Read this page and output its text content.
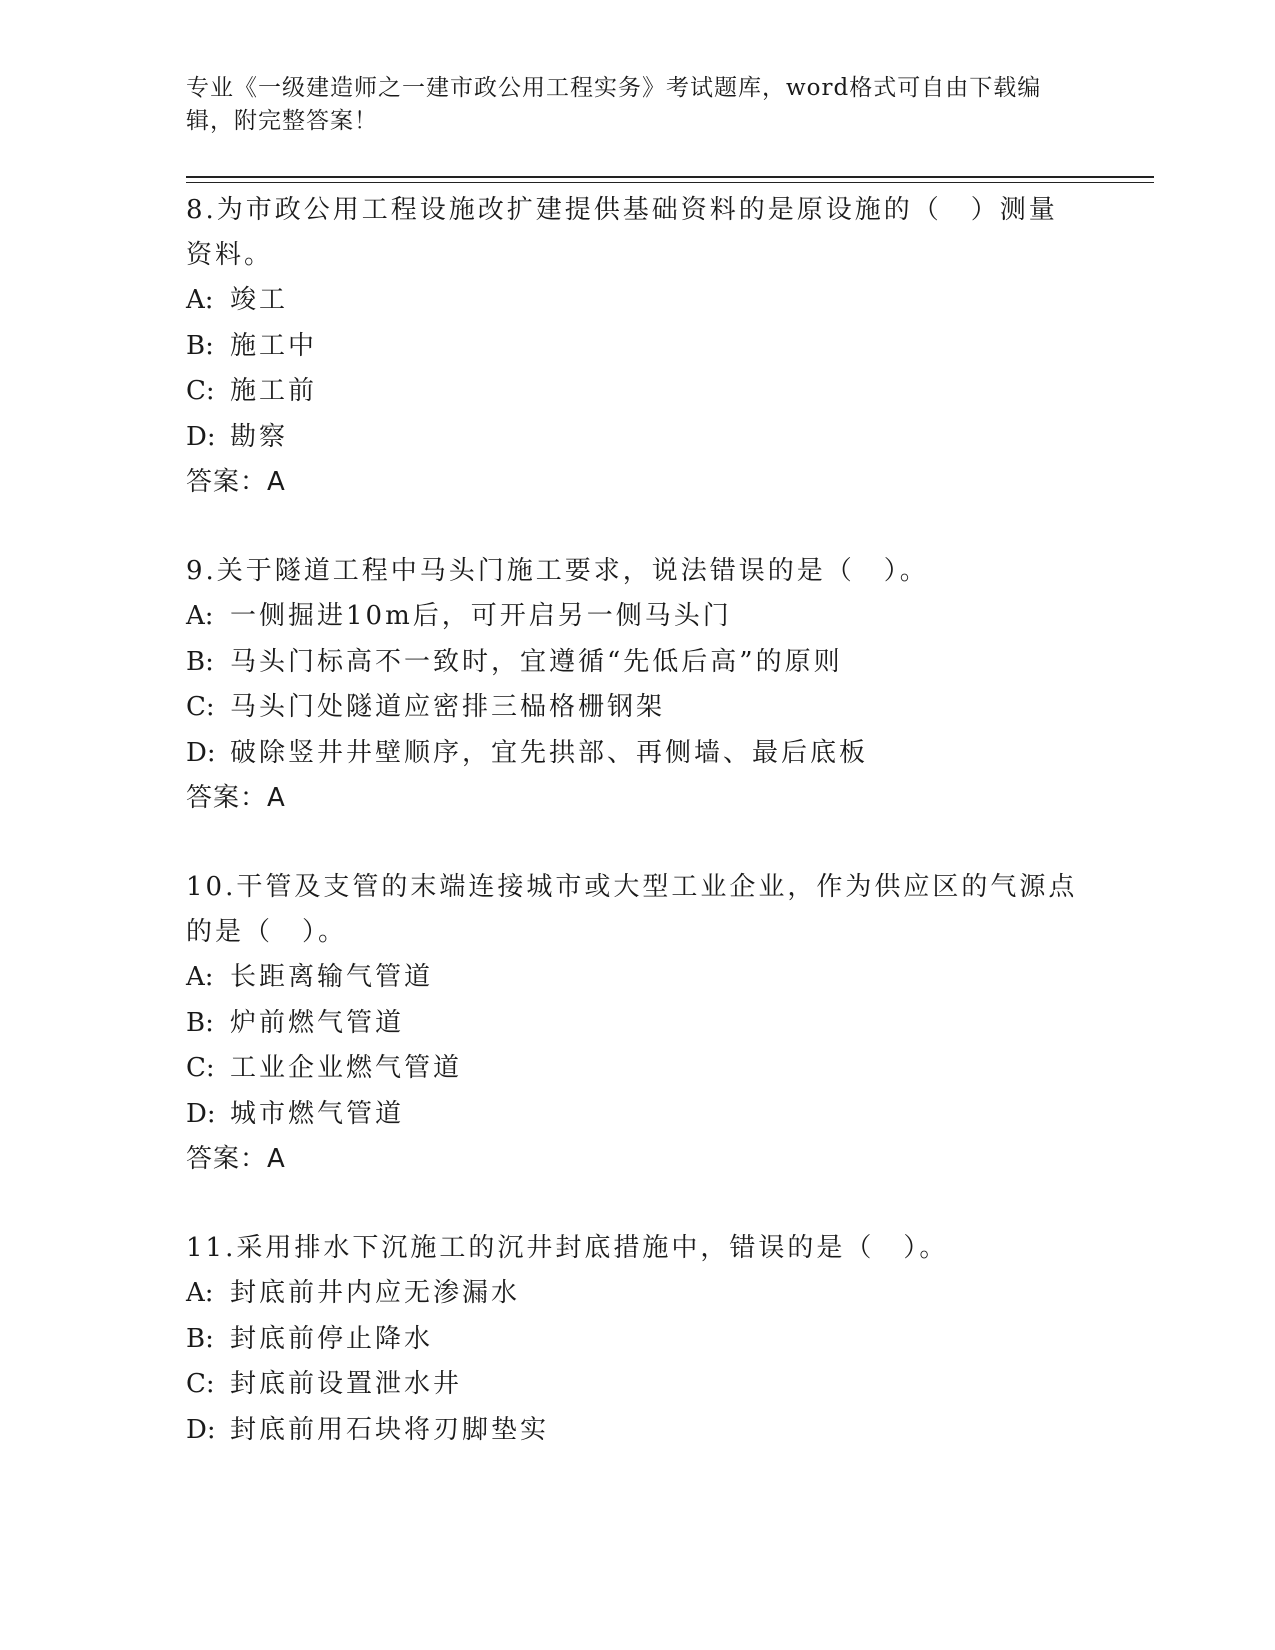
专业《一级建造师之一建市政公用工程实务》考试题库，word格式可自由下载编辑，附完整答案！

8.为市政公用工程设施改扩建提供基础资料的是原设施的（　）测量资料。

A: 竣工

B: 施工中

C: 施工前

D: 勘察

答案：A

9.关于隧道工程中马头门施工要求，说法错误的是（　）。

A: 一侧掘进10m后，可开启另一侧马头门

B: 马头门标高不一致时，宜遵循“先低后高”的原则

C: 马头门处隧道应密排三榀格栅钢架

D: 破除竖井井壁顺序，宜先拱部、再侧墙、最后底板

答案：A

10.干管及支管的末端连接城市或大型工业企业，作为供应区的气源点的是（　）。

A: 长距离输气管道

B: 炉前燃气管道

C: 工业企业燃气管道

D: 城市燃气管道

答案：A

11.采用排水下沉施工的沉井封底措施中，错误的是（　）。

A: 封底前井内应无渗漏水

B: 封底前停止降水

C: 封底前设置泄水井

D: 封底前用石块将刃脚垫实
